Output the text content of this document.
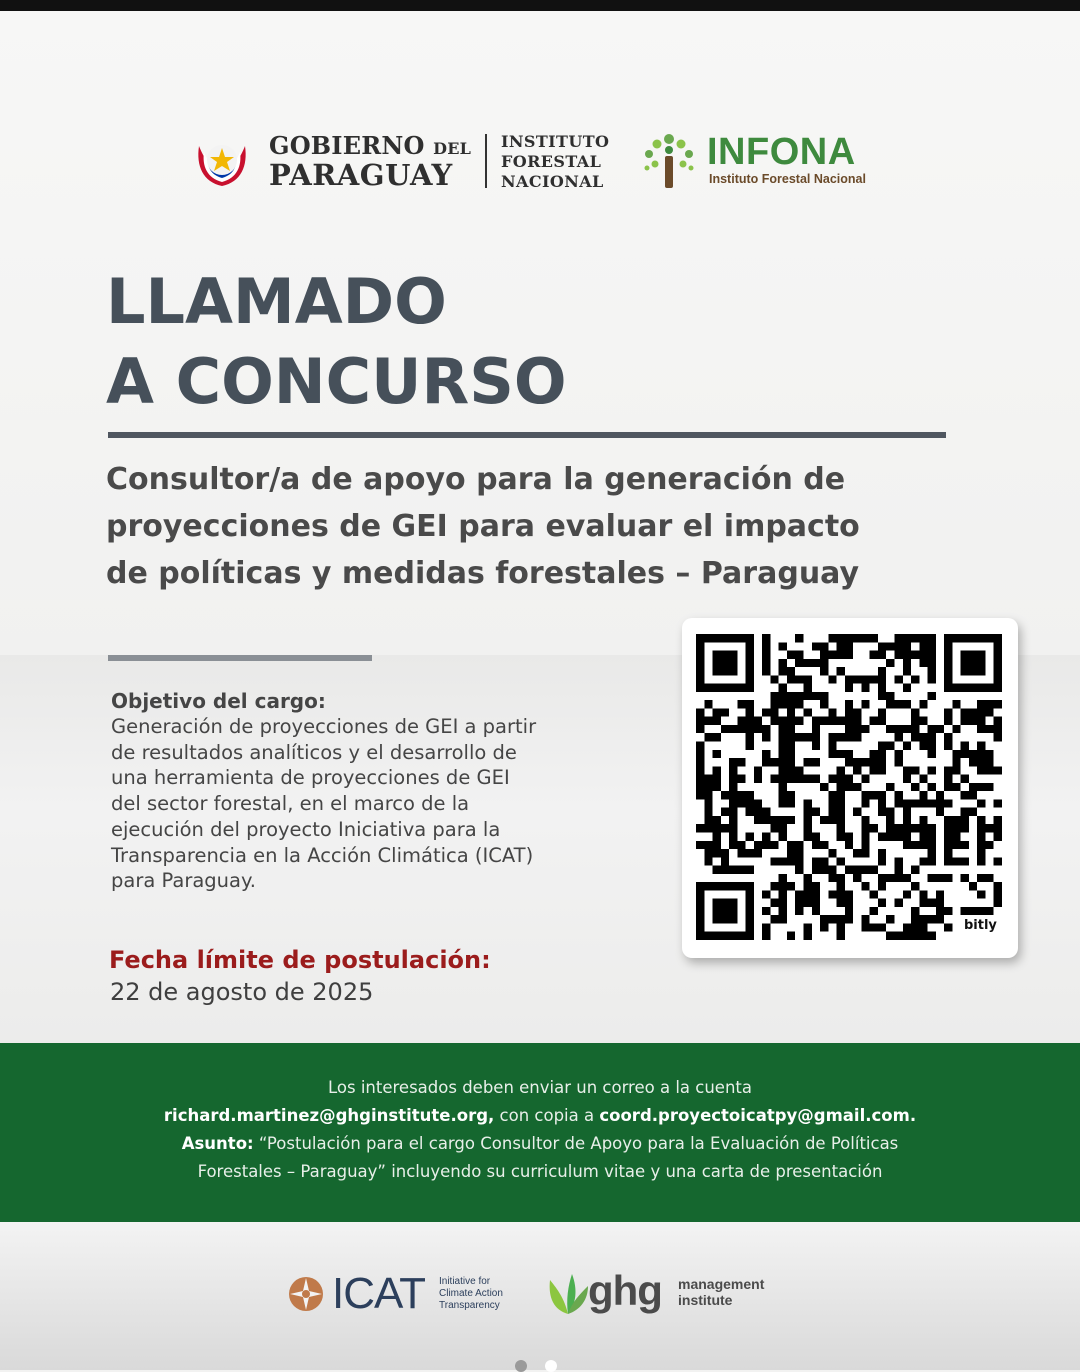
GOBIERNO DEL
PARAGUAY
INSTITUTO
FORESTAL
NACIONAL
INFONA
Instituto Forestal Nacional
LLAMADO
A CONCURSO
Consultor/a de apoyo para la generación de
proyecciones de GEI para evaluar el impacto
de políticas y medidas forestales – Paraguay
Objetivo del cargo:
Generación de proyecciones de GEI a partir
de resultados analíticos y el desarrollo de
una herramienta de proyecciones de GEI
del sector forestal, en el marco de la
ejecución del proyecto Iniciativa para la
Transparencia en la Acción Climática (ICAT)
para Paraguay.
bitly
Fecha límite de postulación:
22 de agosto de 2025
Los interesados deben enviar un correo a la cuenta
richard.martinez@ghginstitute.org, con copia a coord.proyectoicatpy@gmail.com.
Asunto: “Postulación para el cargo Consultor de Apoyo para la Evaluación de Políticas
Forestales – Paraguay” incluyendo su curriculum vitae y una carta de presentación
ICAT Initiative for
Climate Action
Transparency ghg management
institute
